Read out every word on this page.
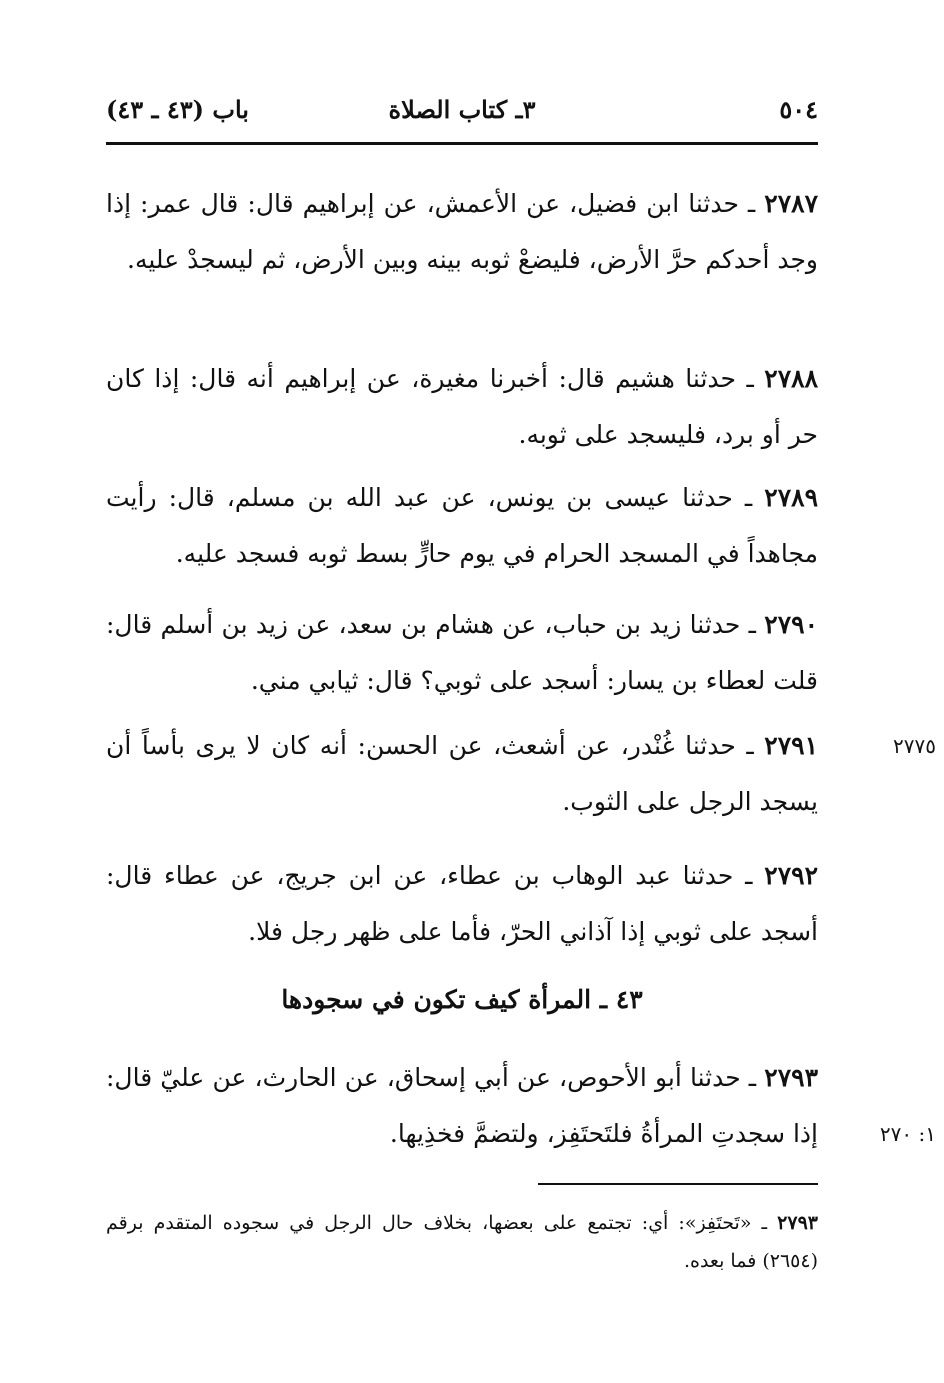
٥٠٤
٣ـ كتاب الصلاة
باب (٤٣ ـ ٤٣)
٢٧٨٧ ـ حدثنا ابن فضيل، عن الأعمش، عن إبراهيم قال: قال عمر: إذا وجد أحدكم حرَّ الأرض، فليضعْ ثوبه بينه وبين الأرض، ثم ليسجدْ عليه.
٢٧٨٨ ـ حدثنا هشيم قال: أخبرنا مغيرة، عن إبراهيم أنه قال: إذا كان حر أو برد، فليسجد على ثوبه.
٢٧٨٩ ـ حدثنا عيسى بن يونس، عن عبد الله بن مسلم، قال: رأيت مجاهداً في المسجد الحرام في يوم حارٍّ بسط ثوبه فسجد عليه.
٢٧٩٠ ـ حدثنا زيد بن حباب، عن هشام بن سعد، عن زيد بن أسلم قال: قلت لعطاء بن يسار: أسجد على ثوبي؟ قال: ثيابي مني.
٢٧٩١ ـ حدثنا غُنْدر، عن أشعث، عن الحسن: أنه كان لا يرى بأساً أن يسجد الرجل على الثوب.
٢٧٧٥
٢٧٩٢ ـ حدثنا عبد الوهاب بن عطاء، عن ابن جريج، عن عطاء قال: أسجد على ثوبي إذا آذاني الحرّ، فأما على ظهر رجل فلا.
٤٣ ـ المرأة كيف تكون في سجودها
٢٧٩٣ ـ حدثنا أبو الأحوص، عن أبي إسحاق، عن الحارث، عن عليّ قال: إذا سجدتِ المرأةُ فلتَحتَفِز، ولتضمَّ فخذِيها.	١: ٢٧٠
٢٧٩٣ ـ «تَحتَفِز»: أي: تجتمع على بعضها، بخلاف حال الرجل في سجوده المتقدم برقم (٢٦٥٤) فما بعده.
